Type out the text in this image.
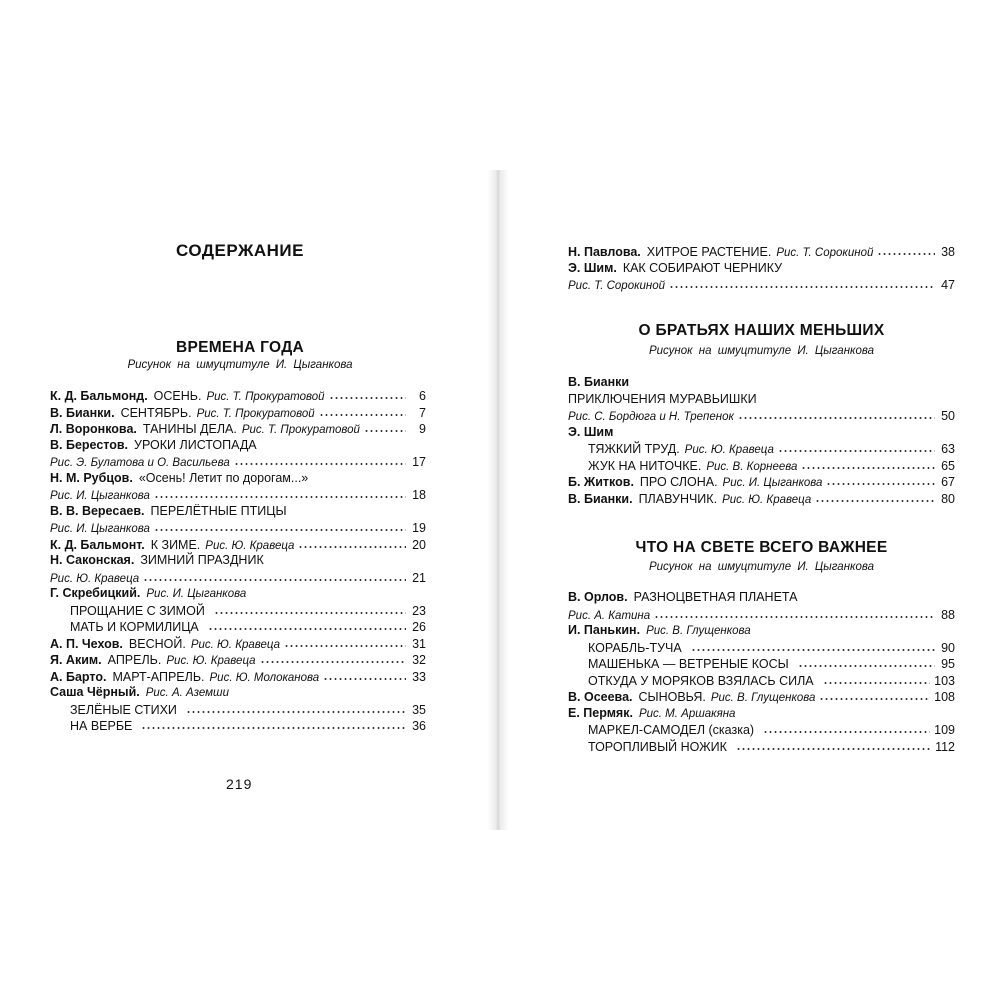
СОДЕРЖАНИЕ
ВРЕМЕНА ГОДА
Рисунок на шмуцтитуле И. Цыганкова
К. Д. Бальмонд. ОСЕНЬ. Рис. Т. Прокуратовой	6
В. Бианки. СЕНТЯБРЬ. Рис. Т. Прокуратовой	7
Л. Воронкова. ТАНИНЫ ДЕЛА. Рис. Т. Прокуратовой	9
В. Берестов. УРОКИ ЛИСТОПАДА
Рис. Э. Булатова и О. Васильева	17
Н. М. Рубцов. «Осень! Летит по дорогам...»
Рис. И. Цыганкова	18
В. В. Вересаев. ПЕРЕЛЁТНЫЕ ПТИЦЫ
Рис. И. Цыганкова	19
К. Д. Бальмонт. К ЗИМЕ. Рис. Ю. Кравеца	20
Н. Саконская. ЗИМНИЙ ПРАЗДНИК
Рис. Ю. Кравеца	21
Г. Скребицкий. Рис. И. Цыганкова
ПРОЩАНИЕ С ЗИМОЙ	23
МАТЬ И КОРМИЛИЦА	26
А. П. Чехов. ВЕСНОЙ. Рис. Ю. Кравеца	31
Я. Аким. АПРЕЛЬ. Рис. Ю. Кравеца	32
А. Барто. МАРТ-АПРЕЛЬ. Рис. Ю. Молоканова	33
Саша Чёрный. Рис. А. Аземши
ЗЕЛЁНЫЕ СТИХИ	35
НА ВЕРБЕ	36
219
Н. Павлова. ХИТРОЕ РАСТЕНИЕ. Рис. Т. Сорокиной	38
Э. Шим. КАК СОБИРАЮТ ЧЕРНИКУ
Рис. Т. Сорокиной	47
О БРАТЬЯХ НАШИХ МЕНЬШИХ
Рисунок на шмуцтитуле И. Цыганкова
В. Бианки
ПРИКЛЮЧЕНИЯ МУРАВЬИШКИ
Рис. С. Бордюга и Н. Трепенок	50
Э. Шим
ТЯЖКИЙ ТРУД. Рис. Ю. Кравеца	63
ЖУК НА НИТОЧКЕ. Рис. В. Корнеева	65
Б. Житков. ПРО СЛОНА. Рис. И. Цыганкова	67
В. Бианки. ПЛАВУНЧИК. Рис. Ю. Кравеца	80
ЧТО НА СВЕТЕ ВСЕГО ВАЖНЕЕ
Рисунок на шмуцтитуле И. Цыганкова
В. Орлов. РАЗНОЦВЕТНАЯ ПЛАНЕТА
Рис. А. Катина	88
И. Панькин. Рис. В. Глущенкова
КОРАБЛЬ-ТУЧА	90
МАШЕНЬКА — ВЕТРЕНЫЕ КОСЫ	95
ОТКУДА У МОРЯКОВ ВЗЯЛАСЬ СИЛА	103
В. Осеева. СЫНОВЬЯ. Рис. В. Глущенкова	108
Е. Пермяк. Рис. М. Аршакяна
МАРКЕЛ-САМОДЕЛ (сказка)	109
ТОРОПЛИВЫЙ НОЖИК	112
